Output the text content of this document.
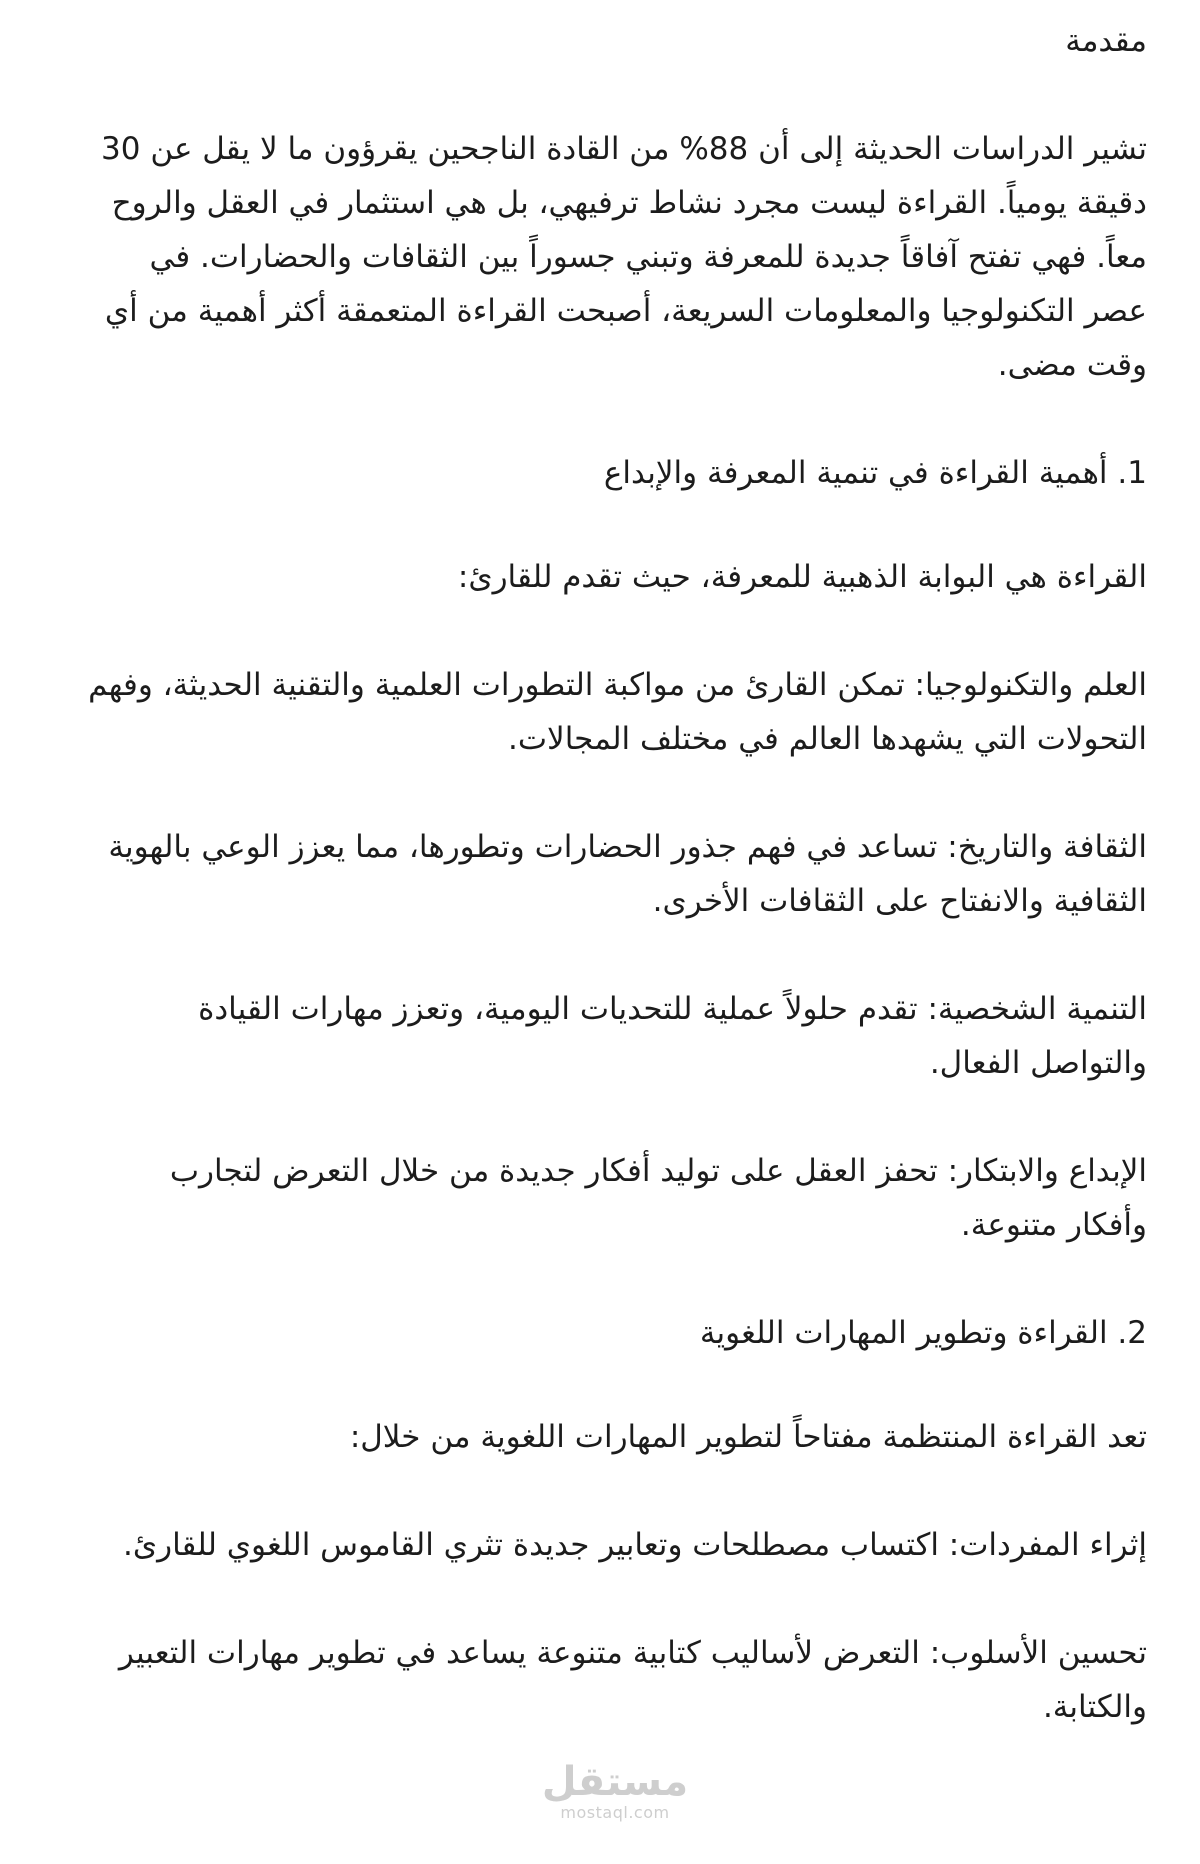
مقدمة

تشير الدراسات الحديثة إلى أن 88% من القادة الناجحين يقرؤون ما لا يقل عن 30 دقيقة يومياً. القراءة ليست مجرد نشاط ترفيهي، بل هي استثمار في العقل والروح معاً. فهي تفتح آفاقاً جديدة للمعرفة وتبني جسوراً بين الثقافات والحضارات. في عصر التكنولوجيا والمعلومات السريعة، أصبحت القراءة المتعمقة أكثر أهمية من أي وقت مضى.

1. أهمية القراءة في تنمية المعرفة والإبداع

القراءة هي البوابة الذهبية للمعرفة، حيث تقدم للقارئ:

العلم والتكنولوجيا: تمكن القارئ من مواكبة التطورات العلمية والتقنية الحديثة، وفهم التحولات التي يشهدها العالم في مختلف المجالات.

الثقافة والتاريخ: تساعد في فهم جذور الحضارات وتطورها، مما يعزز الوعي بالهوية الثقافية والانفتاح على الثقافات الأخرى.

التنمية الشخصية: تقدم حلولاً عملية للتحديات اليومية، وتعزز مهارات القيادة والتواصل الفعال.

الإبداع والابتكار: تحفز العقل على توليد أفكار جديدة من خلال التعرض لتجارب وأفكار متنوعة.

2. القراءة وتطوير المهارات اللغوية

تعد القراءة المنتظمة مفتاحاً لتطوير المهارات اللغوية من خلال:

إثراء المفردات: اكتساب مصطلحات وتعابير جديدة تثري القاموس اللغوي للقارئ.

تحسين الأسلوب: التعرض لأساليب كتابية متنوعة يساعد في تطوير مهارات التعبير والكتابة.

مستقل
mostaql.com
